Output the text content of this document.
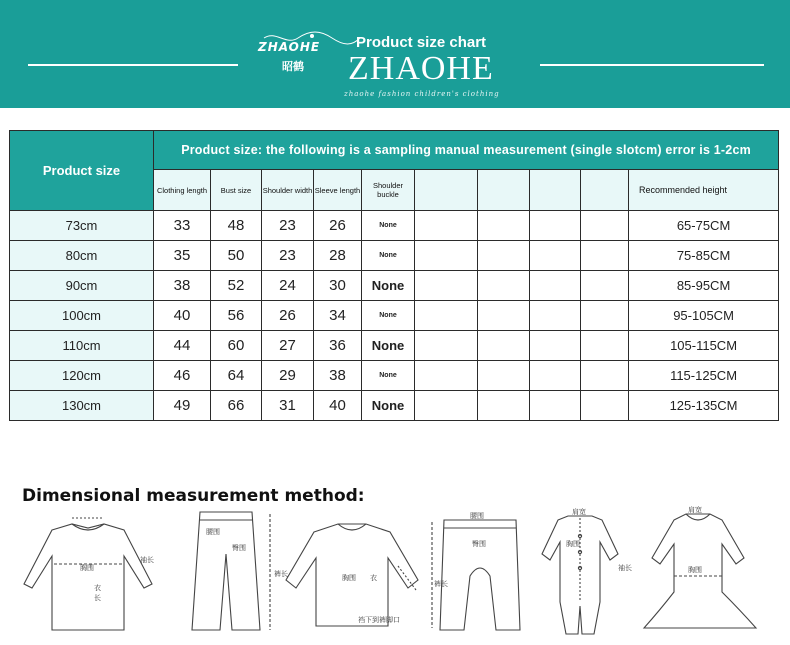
ZHAOHE
昭鹤
Product size chart
ZHAOHE
zhaohe fashion children's clothing
Product size	Product size: the following is a sampling manual measurement (single slotcm) error is 1-2cm									
	Clothing length	Bust size	Shoulder width	Sleeve length	Shoulder buckle					Recommended height
73cm	33	48	23	26	None					65-75CM
80cm	35	50	23	28	None					75-85CM
90cm	38	52	24	30	None					85-95CM
100cm	40	56	26	34	None					95-105CM
110cm	44	60	27	36	None					105-115CM
120cm	46	64	29	38	None					115-125CM
130cm	49	66	31	40	None					125-135CM
Dimensional measurement method:
胸围
衣
长
袖长
腰围
臀围
裤长	胸围 衣
裆下到裤脚口
腰围
臀围
裤长
肩宽
胸围
袖长
肩宽
胸围
